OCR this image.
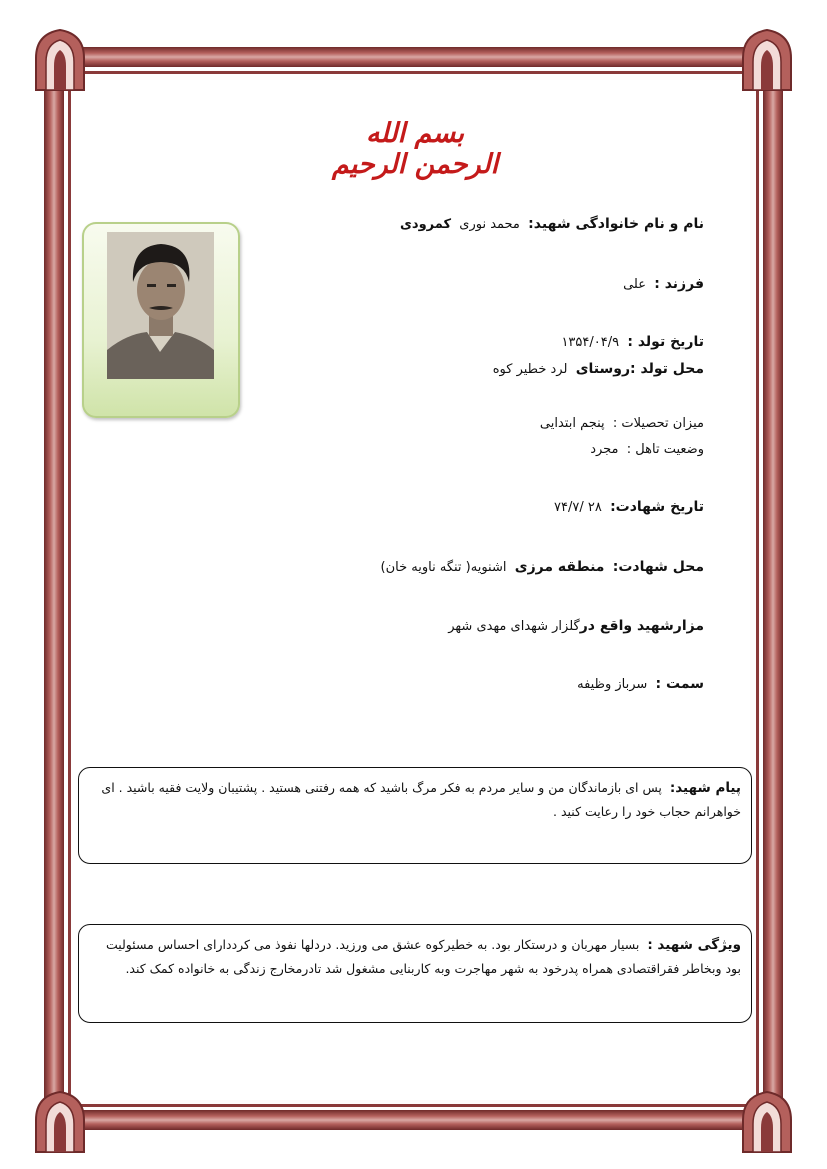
بسم الله الرحمن الرحیم
نام و نام خانوادگی شهید:  محمد نوری  کمرودی
فرزند :  علی
تاریخ تولد :  ۱۳۵۴/۰۴/۹
محل تولد :روستای  لرد خطیر کوه
میزان تحصیلات :  پنجم ابتدایی
وضعیت تاهل :  مجرد
تاریخ شهادت:  ۲۸ /۷۴/۷
محل شهادت:  منطقه مرزی  اشنویه( تنگه ناویه خان)
مزارشهید واقع درگلزار شهدای مهدی شهر
سمت :  سرباز وظیفه
پیام شهید:  پس ای بازماندگان من و سایر مردم به فکر مرگ باشید که همه رفتنی هستید . پشتیبان ولایت فقیه باشید . ای خواهرانم حجاب خود را رعایت کنید .
ویژگی شهید :  بسیار مهربان و درستکار بود. به خطیرکوه عشق می ورزید. دردلها نفوذ می کرددارای احساس مسئولیت بود وبخاطر فقراقتصادی همراه پدرخود به شهر مهاجرت وبه کاربنایی مشغول شد تادرمخارج زندگی به خانواده کمک کند.
